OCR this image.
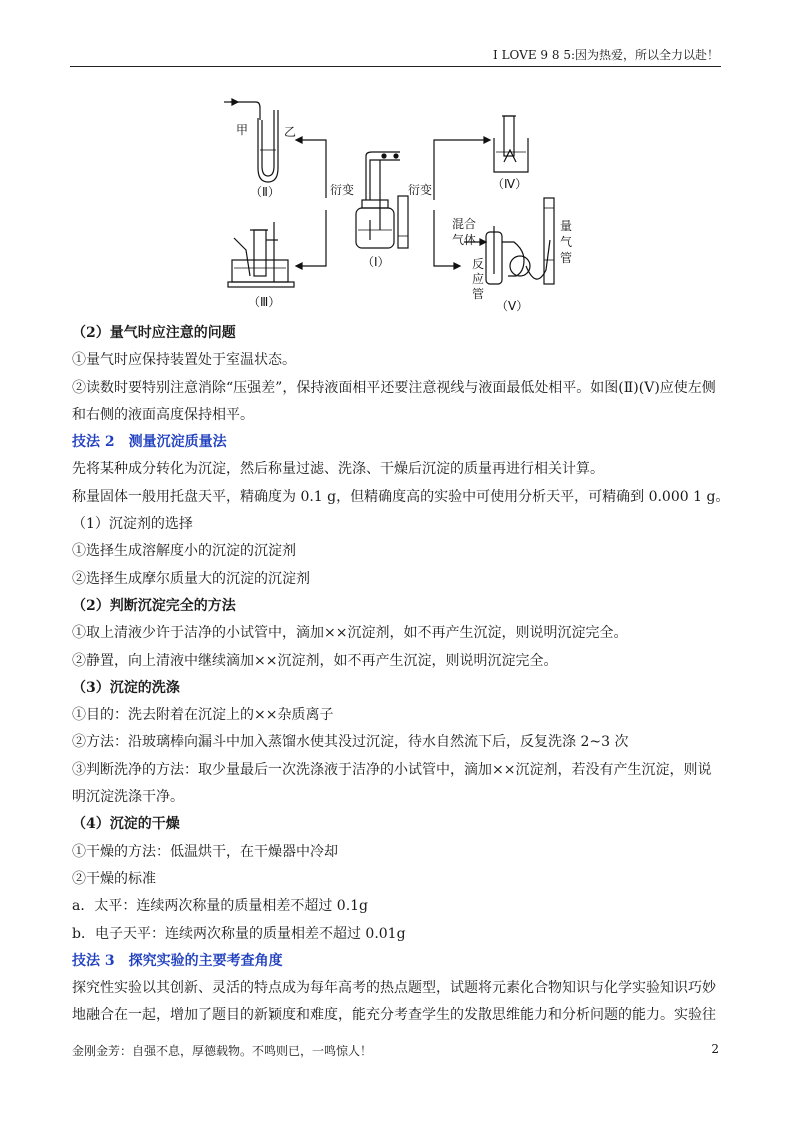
I LOVE 9 8 5:因为热爱，所以全力以赴！
甲	乙
（Ⅱ）
（Ⅲ）
（Ⅰ）
（Ⅳ）
（Ⅴ）
衍变	衍变
混合
气体
反
应
管
量
气
管
（2）量气时应注意的问题
①量气时应保持装置处于室温状态。
②读数时要特别注意消除“压强差”，保持液面相平还要注意视线与液面最低处相平。如图(Ⅱ)(Ⅴ)应使左侧和右侧的液面高度保持相平。
技法 2　测量沉淀质量法
先将某种成分转化为沉淀，然后称量过滤、洗涤、干燥后沉淀的质量再进行相关计算。
称量固体一般用托盘天平，精确度为 0.1 g，但精确度高的实验中可使用分析天平，可精确到 0.000 1 g。
（1）沉淀剂的选择
①选择生成溶解度小的沉淀的沉淀剂
②选择生成摩尔质量大的沉淀的沉淀剂
（2）判断沉淀完全的方法
①取上清液少许于洁净的小试管中，滴加××沉淀剂，如不再产生沉淀，则说明沉淀完全。
②静置，向上清液中继续滴加××沉淀剂，如不再产生沉淀，则说明沉淀完全。
（3）沉淀的洗涤
①目的：洗去附着在沉淀上的××杂质离子
②方法：沿玻璃棒向漏斗中加入蒸馏水使其没过沉淀，待水自然流下后，反复洗涤 2~3 次
③判断洗净的方法：取少量最后一次洗涤液于洁净的小试管中，滴加××沉淀剂，若没有产生沉淀，则说明沉淀洗涤干净。
（4）沉淀的干燥
①干燥的方法：低温烘干，在干燥器中冷却
②干燥的标准
a．太平：连续两次称量的质量相差不超过 0.1g
b．电子天平：连续两次称量的质量相差不超过 0.01g
技法 3　探究实验的主要考查角度
探究性实验以其创新、灵活的特点成为每年高考的热点题型，试题将元素化合物知识与化学实验知识巧妙地融合在一起，增加了题目的新颖度和难度，能充分考查学生的发散思维能力和分析问题的能力。实验往
金刚金芳：自强不息，厚德载物。不鸣则已，一鸣惊人！	2
